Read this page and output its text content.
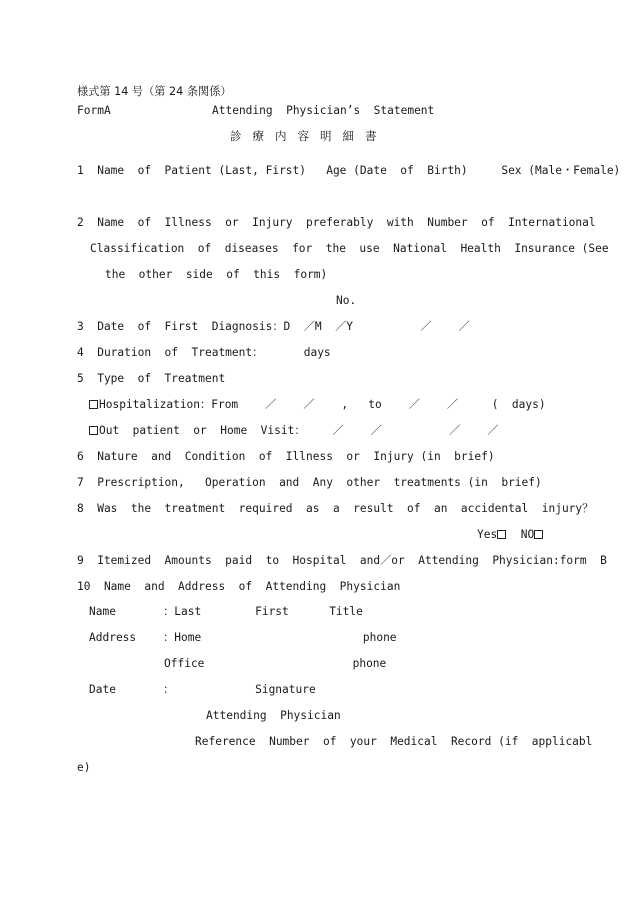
様式第 14 号（第 24 条関係）
FormA	Attending  Physician’s  Statement
診療内容明細書
1  Name  of  Patient (Last, First)   Age (Date  of  Birth)     Sex (Male・Female)
2  Name  of  Illness  or  Injury  preferably  with  Number  of  International
Classification  of  diseases  for  the  use  National  Health  Insurance (See
the  other  side  of  this  form)
No.
3  Date  of  First  Diagnosis：D  ／M  ／Y          ／    ／
4  Duration  of  Treatment：      days
5  Type  of  Treatment
Hospitalization：From    ／    ／    ,   to    ／    ／     (  days)
Out  patient  or  Home  Visit：    ／    ／          ／    ／
6  Nature  and  Condition  of  Illness  or  Injury (in  brief)
7  Prescription,   Operation  and  Any  other  treatments (in  brief)
8  Was  the  treatment  required  as  a  result  of  an  accidental  injury？
Yes NO
9  Itemized  Amounts  paid  to  Hospital  and／or  Attending  Physician:form  B
10  Name  and  Address  of  Attending  Physician
Name       ：Last        First      Title
Address    ：Home                        phone
Office                      phone
Date       ：            Signature
Attending  Physician
Reference  Number  of  your  Medical  Record (if  applicabl
e)
